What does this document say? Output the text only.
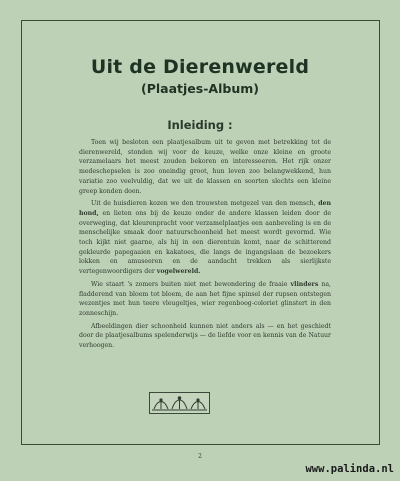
Uit de Dierenwereld
(Plaatjes-Album)
Inleiding :

Toen wij besloten een plaatjesalbum uit te geven met betrekking tot de dierenwereld, stonden wij voor de keuze, welke onze kleine en groote verzamelaars het meest zouden bekoren en interesseeren. Het rijk onzer medeschepselen is zoo oneindig groot, hun leven zoo belangwekkend, hun variatie zoo veelvuldig, dat we uit de klassen en soorten slechts een kleine greep konden doen.

Uit de huisdieren kozen we den trouwsten metgezel van den mensch, den hond, en lieten ons bij de keuze onder de andere klassen leiden door de overweging, dat kleurenpracht voor verzamelplaatjes een aanbeveling is en de menschelijke smaak door natuurschoonheid het meest wordt gevormd. Wie toch kijkt niet gaarne, als hij in een dierentuin komt, naar de schitterend gekleurde papegaaien en kakatoes, die langs de ingangslaan de bezoekers lokken en amuseeren en de aandacht trekken als sierlijkste vertegenwoordigers der vogelwereld.

Wie staart 's zomers buiten niet met bewondering de fraaie vlinders na, fladderend van bloem tot bloem, de aan het fijne spinsel der rupsen ontstegen wezentjes met hun teere vleugeltjes, wier regenboog-coloriet glinstert in den zonneschijn.

Afbeeldingen dier schoonheid kunnen niet anders als — en het geschiedt door de plaatjesalbums spelenderwijs — de liefde voor en kennis van de Natuur verhoogen.

2
www.palinda.nl
